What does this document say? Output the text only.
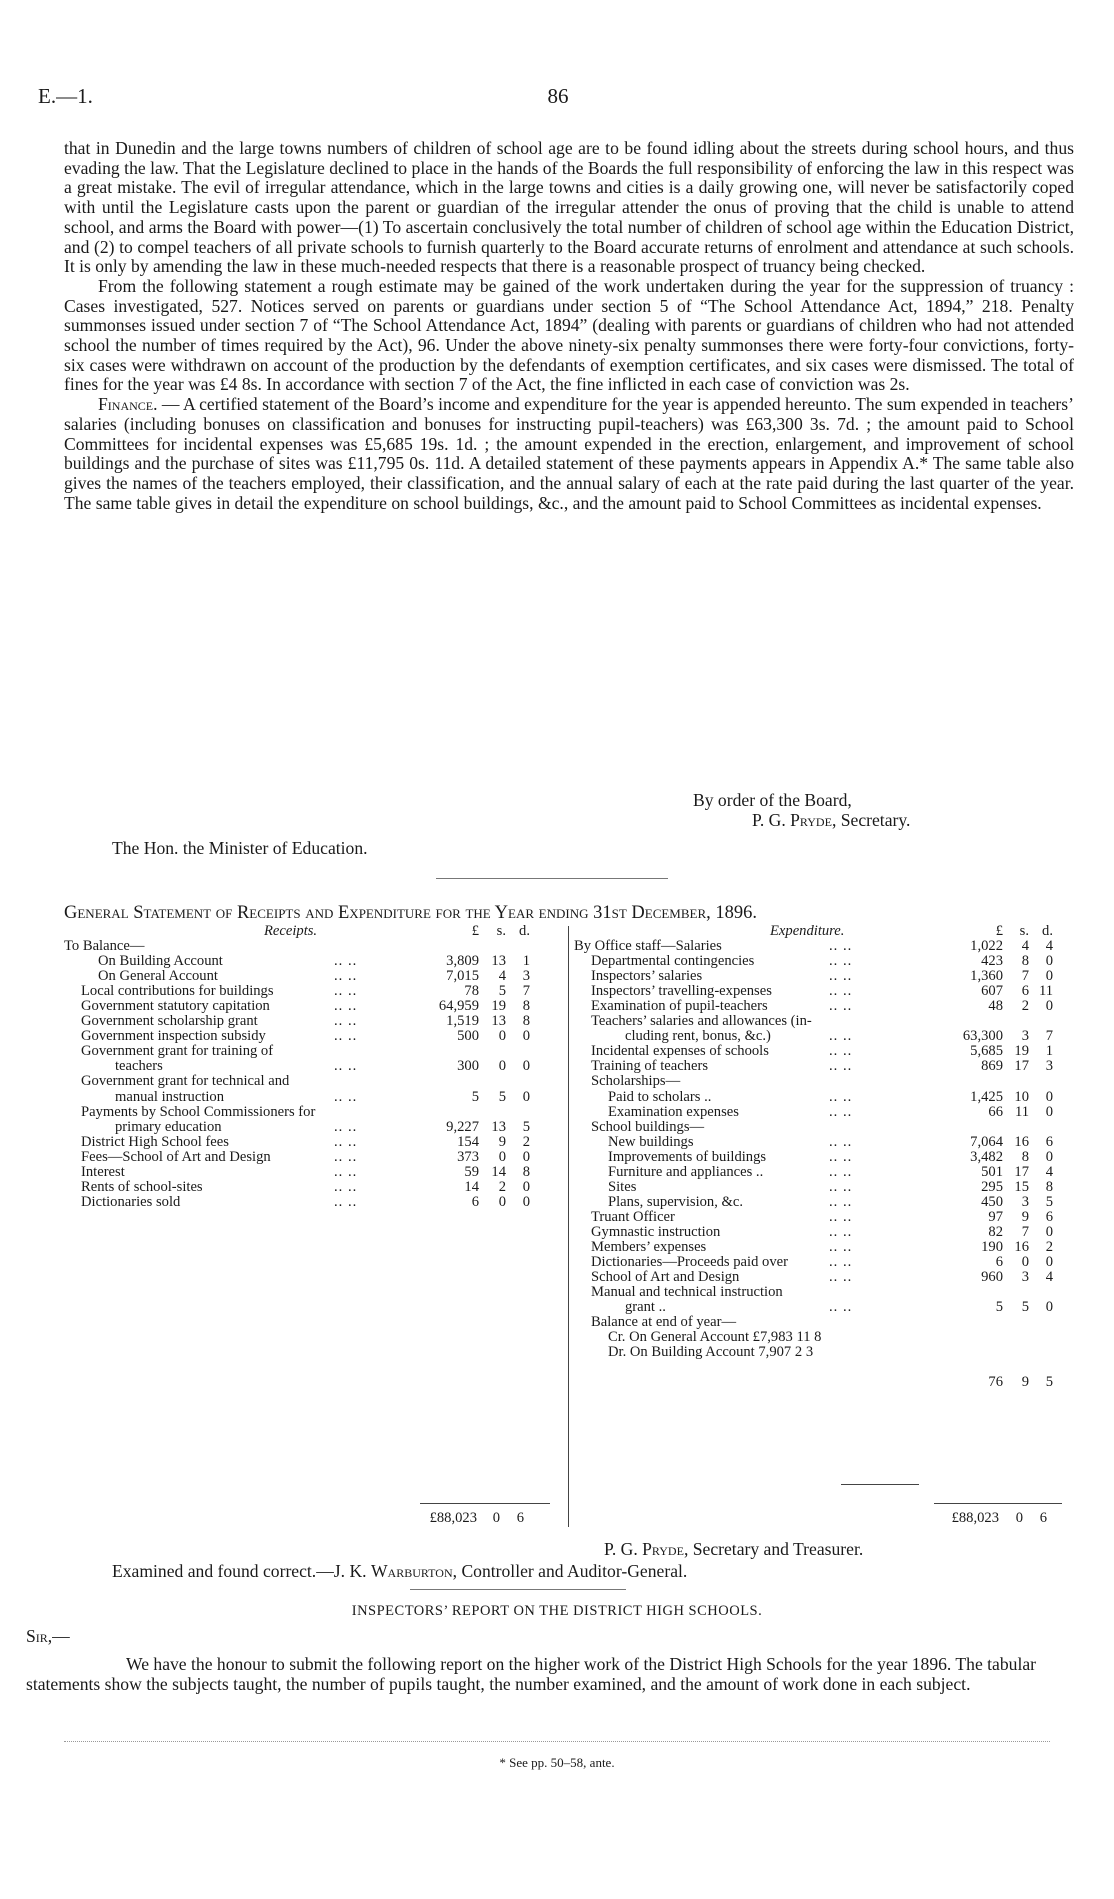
E.—1.	86

that in Dunedin and the large towns numbers of children of school age are to be found idling about the streets during school hours, and thus evading the law. That the Legislature declined to place in the hands of the Boards the full responsibility of enforcing the law in this respect was a great mistake. The evil of irregular attendance, which in the large towns and cities is a daily growing one, will never be satisfactorily coped with until the Legislature casts upon the parent or guardian of the irregular attender the onus of proving that the child is unable to attend school, and arms the Board with power—(1) To ascertain conclusively the total number of children of school age within the Education District, and (2) to compel teachers of all private schools to furnish quarterly to the Board accurate returns of enrolment and attendance at such schools. It is only by amending the law in these much-needed respects that there is a reasonable prospect of truancy being checked.

From the following statement a rough estimate may be gained of the work undertaken during the year for the suppression of truancy : Cases investigated, 527. Notices served on parents or guardians under section 5 of “The School Attendance Act, 1894,” 218. Penalty summonses issued under section 7 of “The School Attendance Act, 1894” (dealing with parents or guardians of children who had not attended school the number of times required by the Act), 96. Under the above ninety-six penalty summonses there were forty-four convictions, forty-six cases were withdrawn on account of the production by the defendants of exemption certificates, and six cases were dismissed. The total of fines for the year was £4 8s. In accordance with section 7 of the Act, the fine inflicted in each case of conviction was 2s.

Finance. — A certified statement of the Board’s income and expenditure for the year is appended hereunto. The sum expended in teachers’ salaries (including bonuses on classification and bonuses for instructing pupil-teachers) was £63,300 3s. 7d. ; the amount paid to School Committees for incidental expenses was £5,685 19s. 1d. ; the amount expended in the erection, enlargement, and improvement of school buildings and the purchase of sites was £11,795 0s. 11d. A detailed statement of these payments appears in Appendix A.* The same table also gives the names of the teachers employed, their classification, and the annual salary of each at the rate paid during the last quarter of the year. The same table gives in detail the expenditure on school buildings, &c., and the amount paid to School Committees as incidental expenses.

By order of the Board,
P. G. Pryde, Secretary.
The Hon. the Minister of Education.
General Statement of Receipts and Expenditure for the Year ending 31st December, 1896.
Receipts.	£	s. d.
To Balance—
On Building Account	.. ..	3,809 13	1
On General Account	.. ..	7,015	4	3
Local contributions for buildings	.. ..	78	5	7
Government statutory capitation	.. ..	64,959 19	8
Government scholarship grant	.. ..	1,519 13	8
Government inspection subsidy	.. ..	500	0	0
Government grant for training of
teachers	.. ..	300	0	0
Government grant for technical and
manual instruction	.. ..	5	5	0
Payments by School Commissioners for
primary education	.. ..	9,227 13	5
District High School fees	.. ..	154	9	2
Fees—School of Art and Design	.. ..	373	0	0
Interest	.. ..	59 14	8
Rents of school-sites	.. ..	14	2	0
Dictionaries sold	.. ..	6	0	0
Expenditure.	£	s. d.
By Office staff—Salaries	.. ..	1,022	4	4
Departmental contingencies	.. ..	423	8	0
Inspectors’ salaries	.. ..	1,360	7	0
Inspectors’ travelling-expenses	.. ..	607	6 11
Examination of pupil-teachers	.. ..	48	2	0
Teachers’ salaries and allowances (in-
cluding rent, bonus, &c.)	.. ..	63,300	3	7
Incidental expenses of schools	.. ..	5,685 19	1
Training of teachers	.. ..	869 17	3
Scholarships—
Paid to scholars ..	.. ..	1,425 10	0
Examination expenses	.. ..	66 11	0
School buildings—
New buildings	.. ..	7,064 16	6
Improvements of buildings	.. ..	3,482	8	0
Furniture and appliances ..	.. ..	501 17	4
Sites	.. ..	295 15	8
Plans, supervision, &c.	.. ..	450	3	5
Truant Officer	.. ..	97	9	6
Gymnastic instruction	.. ..	82	7	0
Members’ expenses	.. ..	190 16	2
Dictionaries—Proceeds paid over	.. ..	6	0	0
School of Art and Design	.. ..	960	3	4
Manual and technical instruction
grant ..	.. ..	5	5	0
Balance at end of year—
Cr. On General Account £7,983 11 8
Dr. On Building Account 7,907 2 3
76	9	5
£88,023	0	6	£88,023	0	6
P. G. Pryde, Secretary and Treasurer.
Examined and found correct.—J. K. Warburton, Controller and Auditor-General.
INSPECTORS’ REPORT ON THE DISTRICT HIGH SCHOOLS.
Sir,—

We have the honour to submit the following report on the higher work of the District High Schools for the year 1896. The tabular statements show the subjects taught, the number of pupils taught, the number examined, and the amount of work done in each subject.

* See pp. 50–58, ante.
